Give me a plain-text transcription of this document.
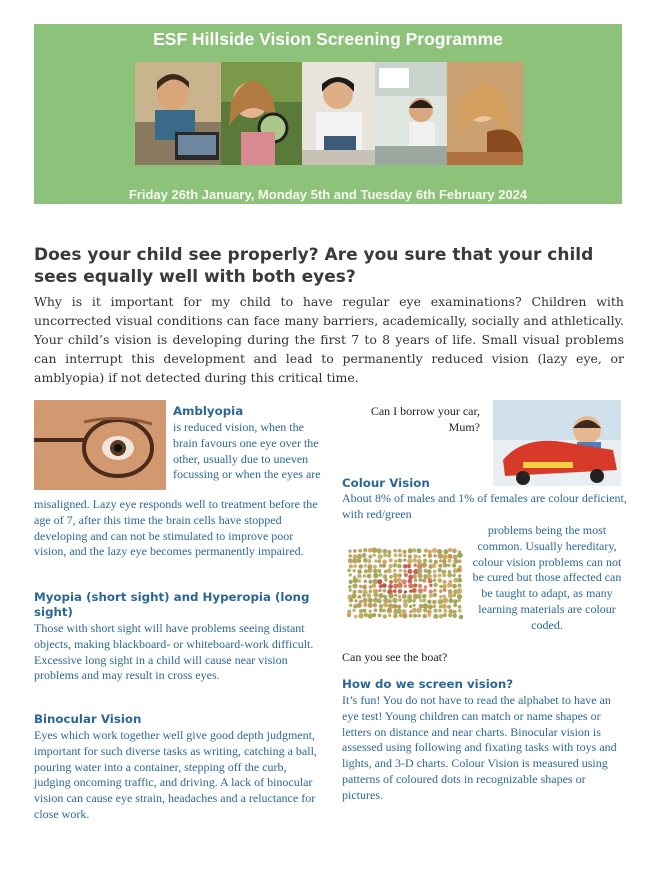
ESF Hillside Vision Screening Programme
Friday 26th January, Monday 5th and Tuesday 6th February 2024
Does your child see properly? Are you sure that your child sees equally well with both eyes?
Why is it important for my child to have regular eye examinations? Children with uncorrected visual conditions can face many barriers, academically, socially and athletically. Your child’s vision is developing during the first 7 to 8 years of life. Small visual problems can interrupt this development and lead to permanently reduced vision (lazy eye, or amblyopia) if not detected during this critical time.
Amblyopia
is reduced vision, when the brain favours one eye over the other, usually due to uneven focussing or when the eyes are
misaligned. Lazy eye responds well to treatment before the age of 7, after this time the brain cells have stopped developing and can not be stimulated to improve poor vision, and the lazy eye becomes permanently impaired.
Myopia (short sight) and Hyperopia (long sight)
Those with short sight will have problems seeing distant objects, making blackboard- or whiteboard-work difficult. Excessive long sight in a child will cause near vision problems and may result in cross eyes.
Binocular Vision
Eyes which work together well give good depth judgment, important for such diverse tasks as writing, catching a ball, pouring water into a container, stepping off the curb, judging oncoming traffic, and driving. A lack of binocular vision can cause eye strain, headaches and a reluctance for close work.
Can I borrow your car, Mum?
Colour Vision
About 8% of males and 1% of females are colour deficient, with red/green
problems being the most common. Usually hereditary, colour vision problems can not be cured but those affected can be taught to adapt, as many learning materials are colour coded.
Can you see the boat?
How do we screen vision?
It’s fun! You do not have to read the alphabet to have an eye test! Young children can match or name shapes or letters on distance and near charts. Binocular vision is assessed using following and fixating tasks with toys and lights, and 3-D charts. Colour Vision is measured using patterns of coloured dots in recognizable shapes or pictures.
